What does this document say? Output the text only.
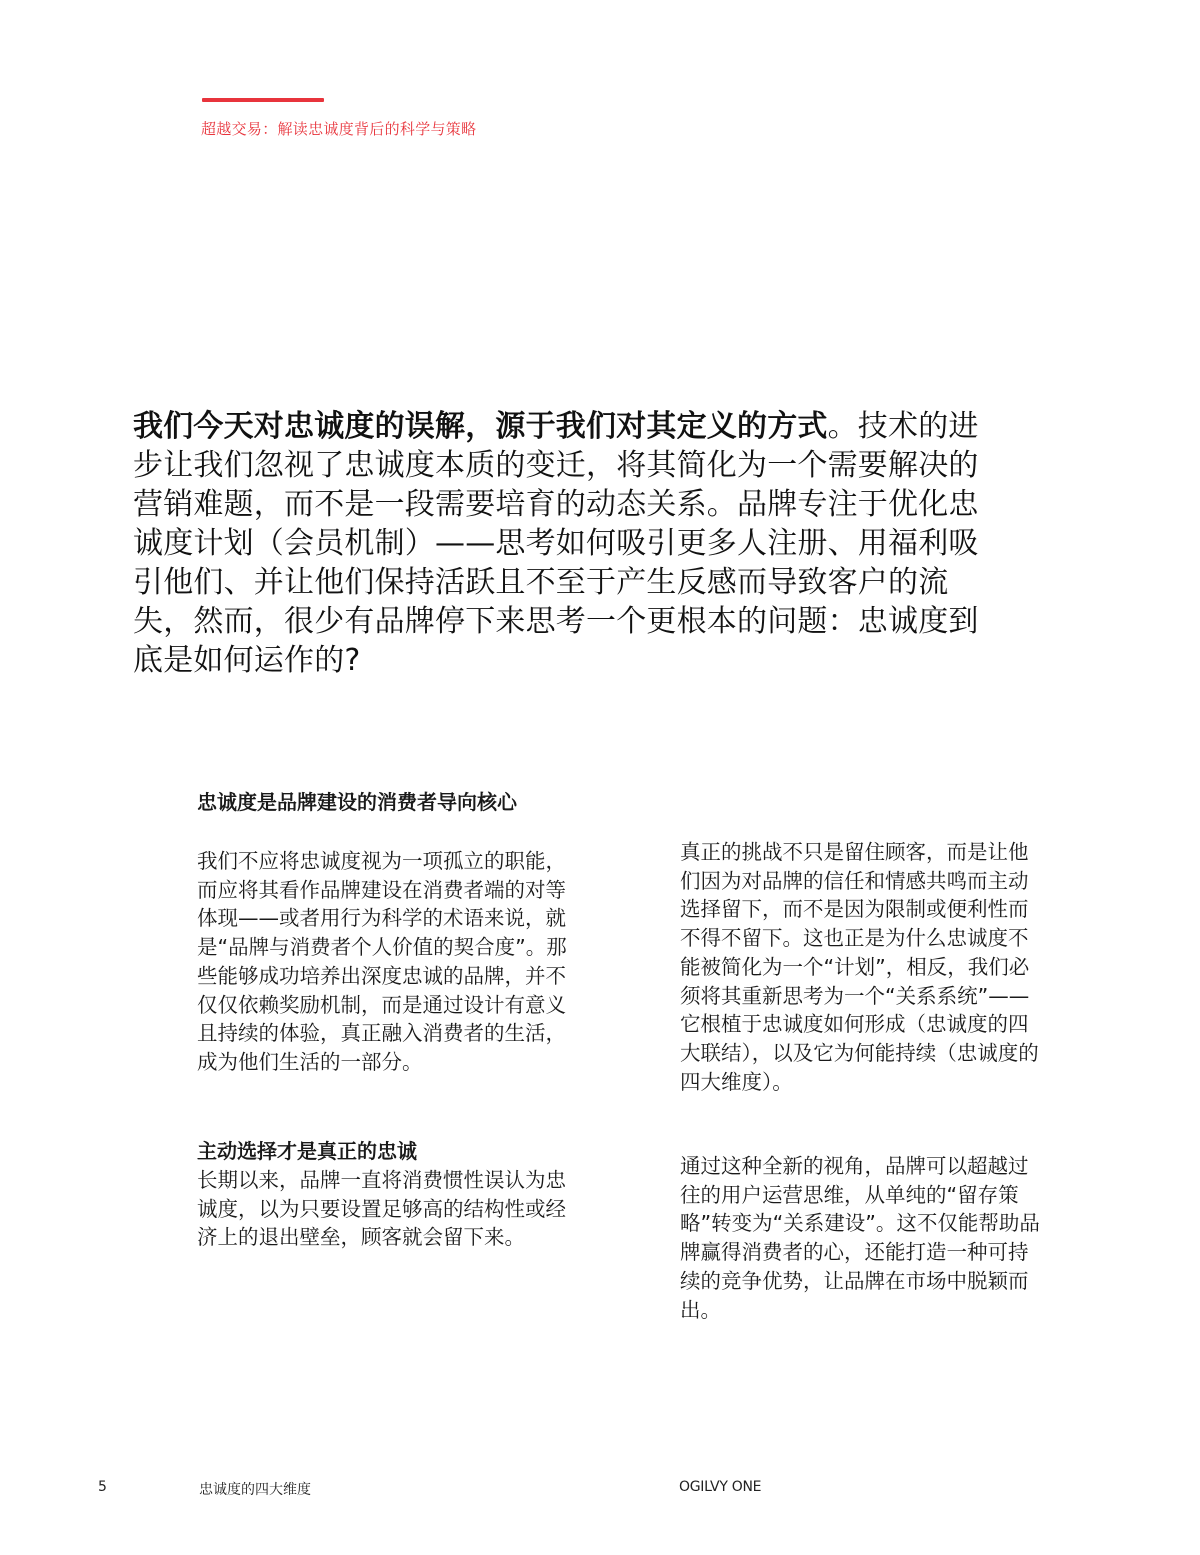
超越交易：解读忠诚度背后的科学与策略
我们今天对忠诚度的误解，源于我们对其定义的方式。技术的进步让我们忽视了忠诚度本质的变迁，将其简化为一个需要解决的营销难题，而不是一段需要培育的动态关系。品牌专注于优化忠诚度计划（会员机制）——思考如何吸引更多人注册、用福利吸引他们、并让他们保持活跃且不至于产生反感而导致客户的流失，然而，很少有品牌停下来思考一个更根本的问题：忠诚度到底是如何运作的?
忠诚度是品牌建设的消费者导向核心

我们不应将忠诚度视为一项孤立的职能，而应将其看作品牌建设在消费者端的对等体现——或者用行为科学的术语来说，就是“品牌与消费者个人价值的契合度”。那些能够成功培养出深度忠诚的品牌，并不仅仅依赖奖励机制，而是通过设计有意义且持续的体验，真正融入消费者的生活，成为他们生活的一部分。

主动选择才是真正的忠诚

长期以来，品牌一直将消费惯性误认为忠诚度，以为只要设置足够高的结构性或经济上的退出壁垒，顾客就会留下来。

真正的挑战不只是留住顾客，而是让他们因为对品牌的信任和情感共鸣而主动选择留下，而不是因为限制或便利性而不得不留下。这也正是为什么忠诚度不能被简化为一个“计划”，相反，我们必须将其重新思考为一个“关系系统”——它根植于忠诚度如何形成（忠诚度的四大联结），以及它为何能持续（忠诚度的四大维度）。

通过这种全新的视角，品牌可以超越过往的用户运营思维，从单纯的“留存策略”转变为“关系建设”。这不仅能帮助品牌赢得消费者的心，还能打造一种可持续的竞争优势，让品牌在市场中脱颖而出。

5	忠诚度的四大维度	OGILVY ONE
